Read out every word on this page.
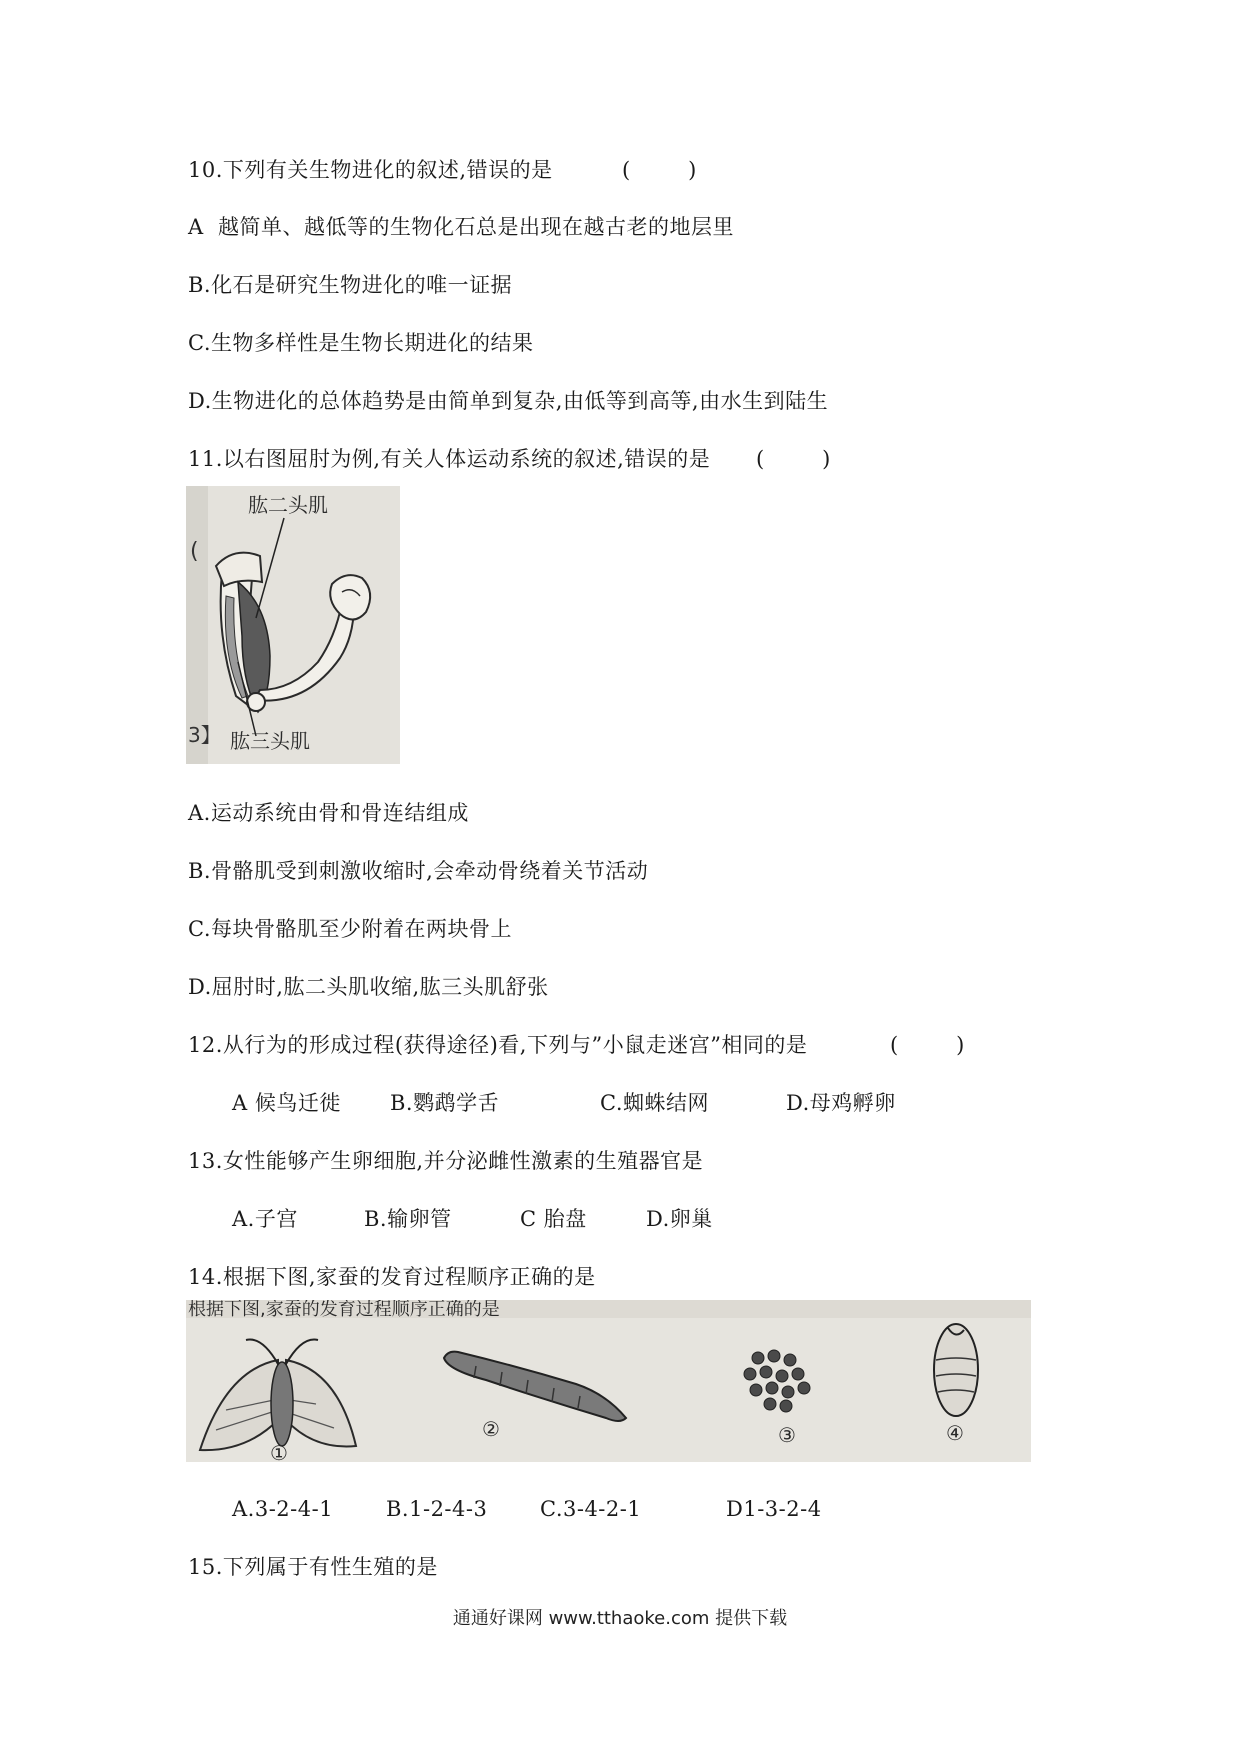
10.下列有关生物进化的叙述,错误的是	(        )
A  越简单、越低等的生物化石总是出现在越古老的地层里
B.化石是研究生物进化的唯一证据
C.生物多样性是生物长期进化的结果
D.生物进化的总体趋势是由简单到复杂,由低等到高等,由水生到陆生
11.以右图屈肘为例,有关人体运动系统的叙述,错误的是 (        )
(
3】
肱二头肌
肱三头肌
A.运动系统由骨和骨连结组成
B.骨骼肌受到刺激收缩时,会牵动骨绕着关节活动
C.每块骨骼肌至少附着在两块骨上
D.屈肘时,肱二头肌收缩,肱三头肌舒张
12.从行为的形成过程(获得途径)看,下列与”小鼠走迷宫”相同的是	(        )
A 候鸟迁徙 B.鹦鹉学舌	C.蜘蛛结网	D.母鸡孵卵
13.女性能够产生卵细胞,并分泌雌性激素的生殖器官是
A.子宫	B.输卵管	C 胎盘	D.卵巢
14.根据下图,家蚕的发育过程顺序正确的是
根据下图,家蚕的发育过程顺序正确的是
①
②	③	④
A.3-2-4-1	B.1-2-4-3	C.3-4-2-1	D1-3-2-4
15.下列属于有性生殖的是
通通好课网 www.tthaoke.com 提供下载
